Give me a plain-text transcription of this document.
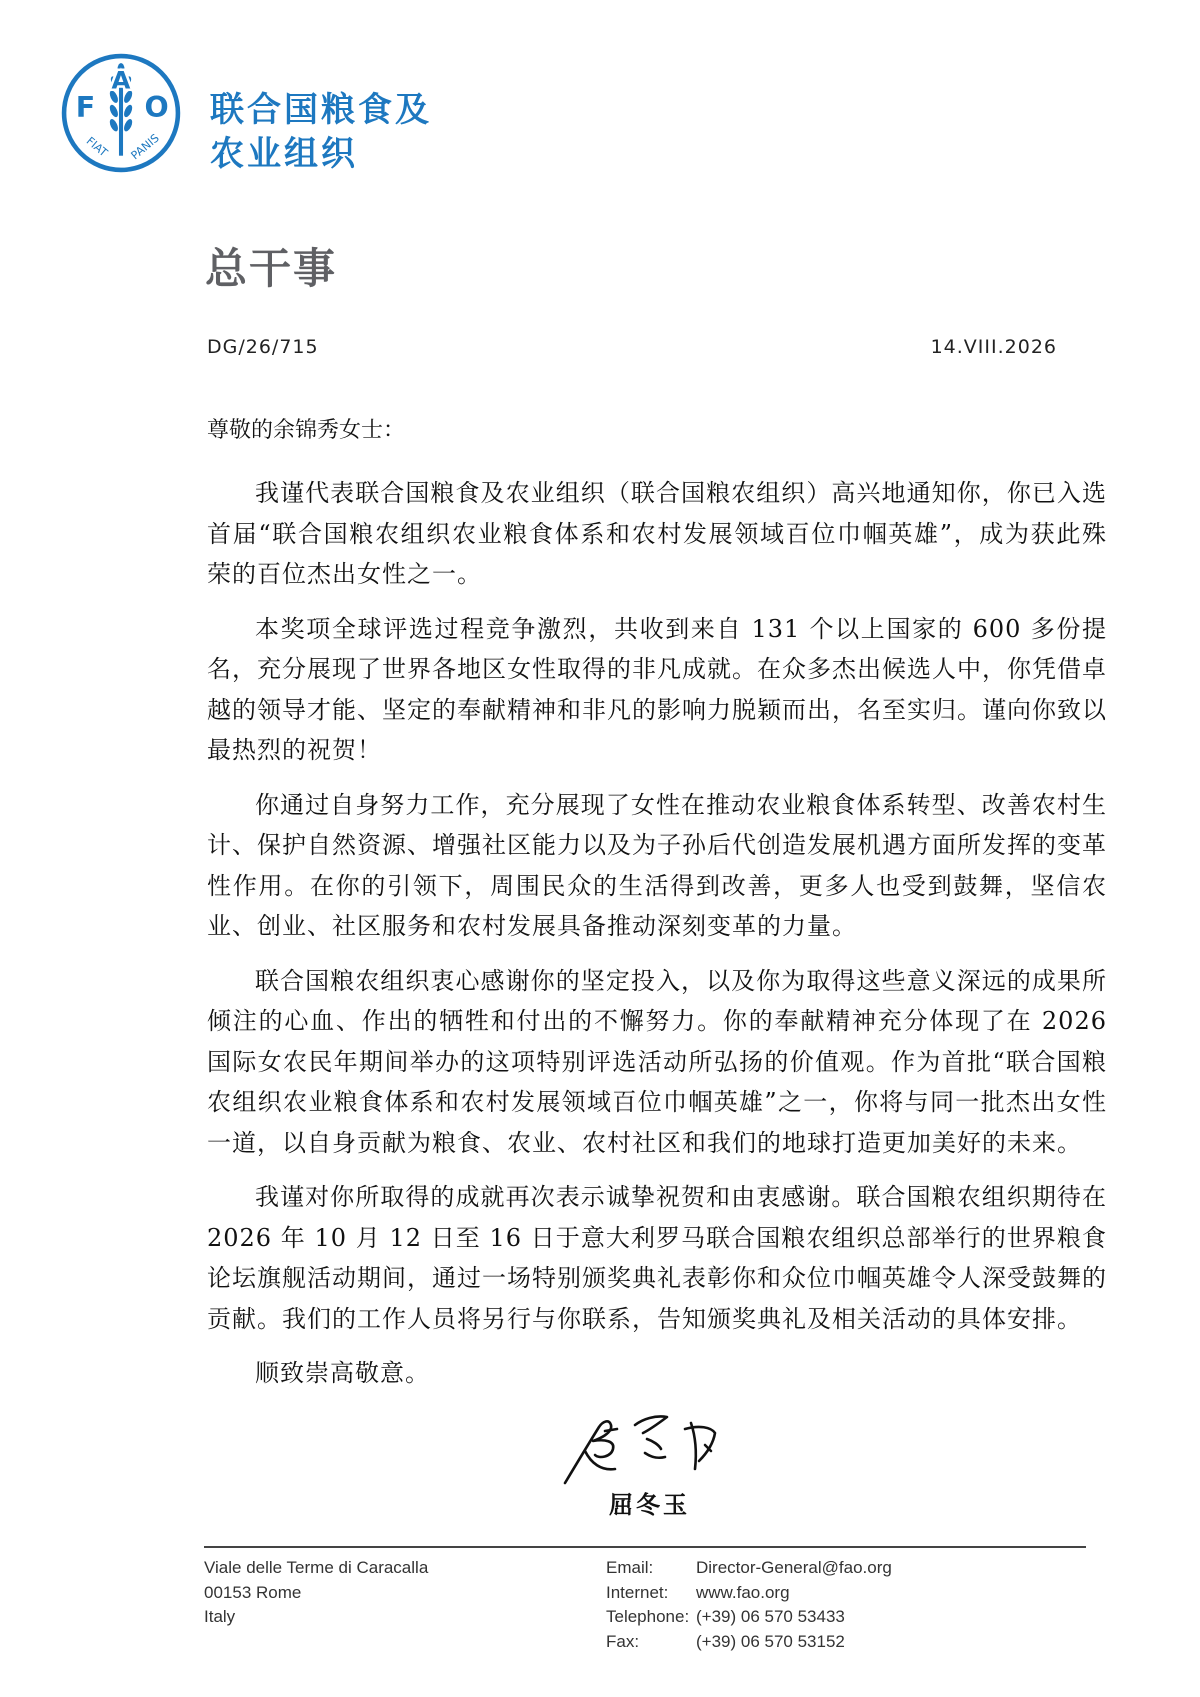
F O
A
FIAT PANIS
联合国粮食及
农业组织
总干事
DG/26/715	14.VIII.2026
尊敬的余锦秀女士：

我谨代表联合国粮食及农业组织（联合国粮农组织）高兴地通知你，你已入选首届“联合国粮农组织农业粮食体系和农村发展领域百位巾帼英雄”，成为获此殊荣的百位杰出女性之一。

本奖项全球评选过程竞争激烈，共收到来自 131 个以上国家的 600 多份提名，充分展现了世界各地区女性取得的非凡成就。在众多杰出候选人中，你凭借卓越的领导才能、坚定的奉献精神和非凡的影响力脱颖而出，名至实归。谨向你致以最热烈的祝贺！

你通过自身努力工作，充分展现了女性在推动农业粮食体系转型、改善农村生计、保护自然资源、增强社区能力以及为子孙后代创造发展机遇方面所发挥的变革性作用。在你的引领下，周围民众的生活得到改善，更多人也受到鼓舞，坚信农业、创业、社区服务和农村发展具备推动深刻变革的力量。

联合国粮农组织衷心感谢你的坚定投入，以及你为取得这些意义深远的成果所倾注的心血、作出的牺牲和付出的不懈努力。你的奉献精神充分体现了在 2026 国际女农民年期间举办的这项特别评选活动所弘扬的价值观。作为首批“联合国粮农组织农业粮食体系和农村发展领域百位巾帼英雄”之一，你将与同一批杰出女性一道，以自身贡献为粮食、农业、农村社区和我们的地球打造更加美好的未来。

我谨对你所取得的成就再次表示诚挚祝贺和由衷感谢。联合国粮农组织期待在 2026 年 10 月 12 日至 16 日于意大利罗马联合国粮农组织总部举行的世界粮食论坛旗舰活动期间，通过一场特别颁奖典礼表彰你和众位巾帼英雄令人深受鼓舞的贡献。我们的工作人员将另行与你联系，告知颁奖典礼及相关活动的具体安排。

顺致崇高敬意。

屈冬玉
Viale delle Terme di Caracalla
00153 Rome
Italy
Email:	Director-General@fao.org
Internet: www.fao.org
Telephone: (+39) 06 570 53433
Fax:	(+39) 06 570 53152
